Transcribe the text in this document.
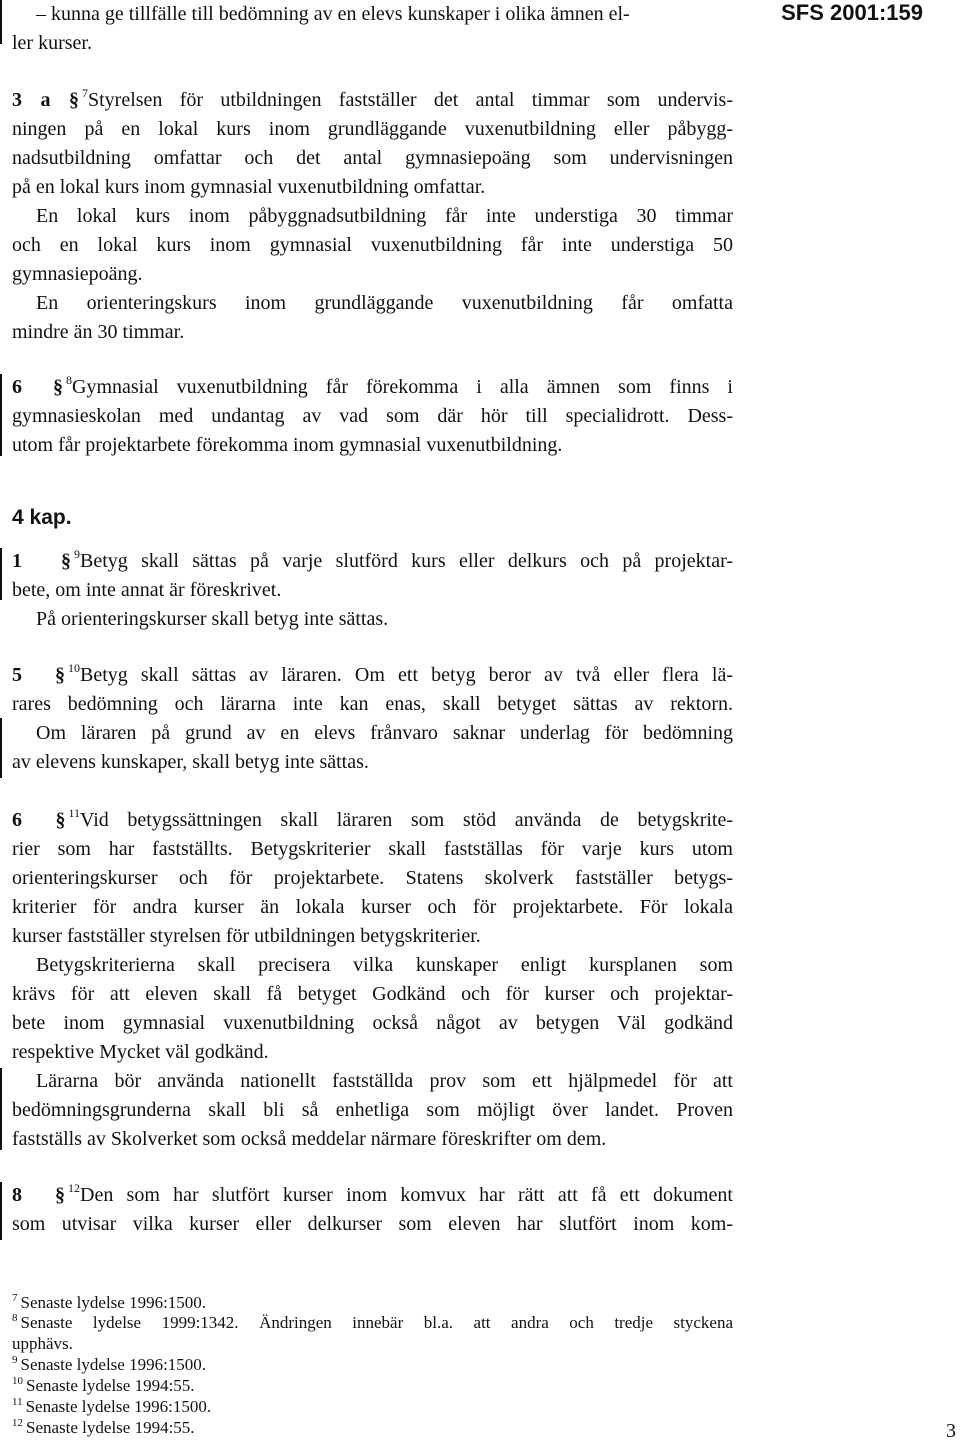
SFS 2001:159
– kunna ge tillfälle till bedömning av en elevs kunskaper i olika ämnen el-
ler kurser.
3 a § $^7$Styrelsen för utbildningen fastställer det antal timmar som undervis-
ningen på en lokal kurs inom grundläggande vuxenutbildning eller påbygg-
nadsutbildning omfattar och det antal gymnasiepoäng som undervisningen
på en lokal kurs inom gymnasial vuxenutbildning omfattar.
En lokal kurs inom påbyggnadsutbildning får inte understiga 30 timmar
och en lokal kurs inom gymnasial vuxenutbildning får inte understiga 50
gymnasiepoäng.
En orienteringskurs inom grundläggande vuxenutbildning får omfatta
mindre än 30 timmar.
6 § $^8$Gymnasial vuxenutbildning får förekomma i alla ämnen som finns i
gymnasieskolan med undantag av vad som där hör till specialidrott. Dess-
utom får projektarbete förekomma inom gymnasial vuxenutbildning.
4 kap.
1 § $^9$Betyg skall sättas på varje slutförd kurs eller delkurs och på projektar-
bete, om inte annat är föreskrivet.
På orienteringskurser skall betyg inte sättas.
5 § $^{10}$Betyg skall sättas av läraren. Om ett betyg beror av två eller flera lä-
rares bedömning och lärarna inte kan enas, skall betyget sättas av rektorn.
Om läraren på grund av en elevs frånvaro saknar underlag för bedömning
av elevens kunskaper, skall betyg inte sättas.
6 § $^{11}$Vid betygssättningen skall läraren som stöd använda de betygskrite-
rier som har fastställts. Betygskriterier skall fastställas för varje kurs utom
orienteringskurser och för projektarbete. Statens skolverk fastställer betygs-
kriterier för andra kurser än lokala kurser och för projektarbete. För lokala
kurser fastställer styrelsen för utbildningen betygskriterier.
Betygskriterierna skall precisera vilka kunskaper enligt kursplanen som
krävs för att eleven skall få betyget Godkänd och för kurser och projektar-
bete inom gymnasial vuxenutbildning också något av betygen Väl godkänd
respektive Mycket väl godkänd.
Lärarna bör använda nationellt fastställda prov som ett hjälpmedel för att
bedömningsgrunderna skall bli så enhetliga som möjligt över landet. Proven
fastställs av Skolverket som också meddelar närmare föreskrifter om dem.
8 § $^{12}$Den som har slutfört kurser inom komvux har rätt att få ett dokument
som utvisar vilka kurser eller delkurser som eleven har slutfört inom kom-
$^7$ Senaste lydelse 1996:1500.
$^8$ Senaste lydelse 1999:1342. Ändringen innebär bl.a. att andra och tredje styckena
upphävs.
$^9$ Senaste lydelse 1996:1500.
$^{10}$ Senaste lydelse 1994:55.
$^{11}$ Senaste lydelse 1996:1500.
$^{12}$ Senaste lydelse 1994:55.	3
